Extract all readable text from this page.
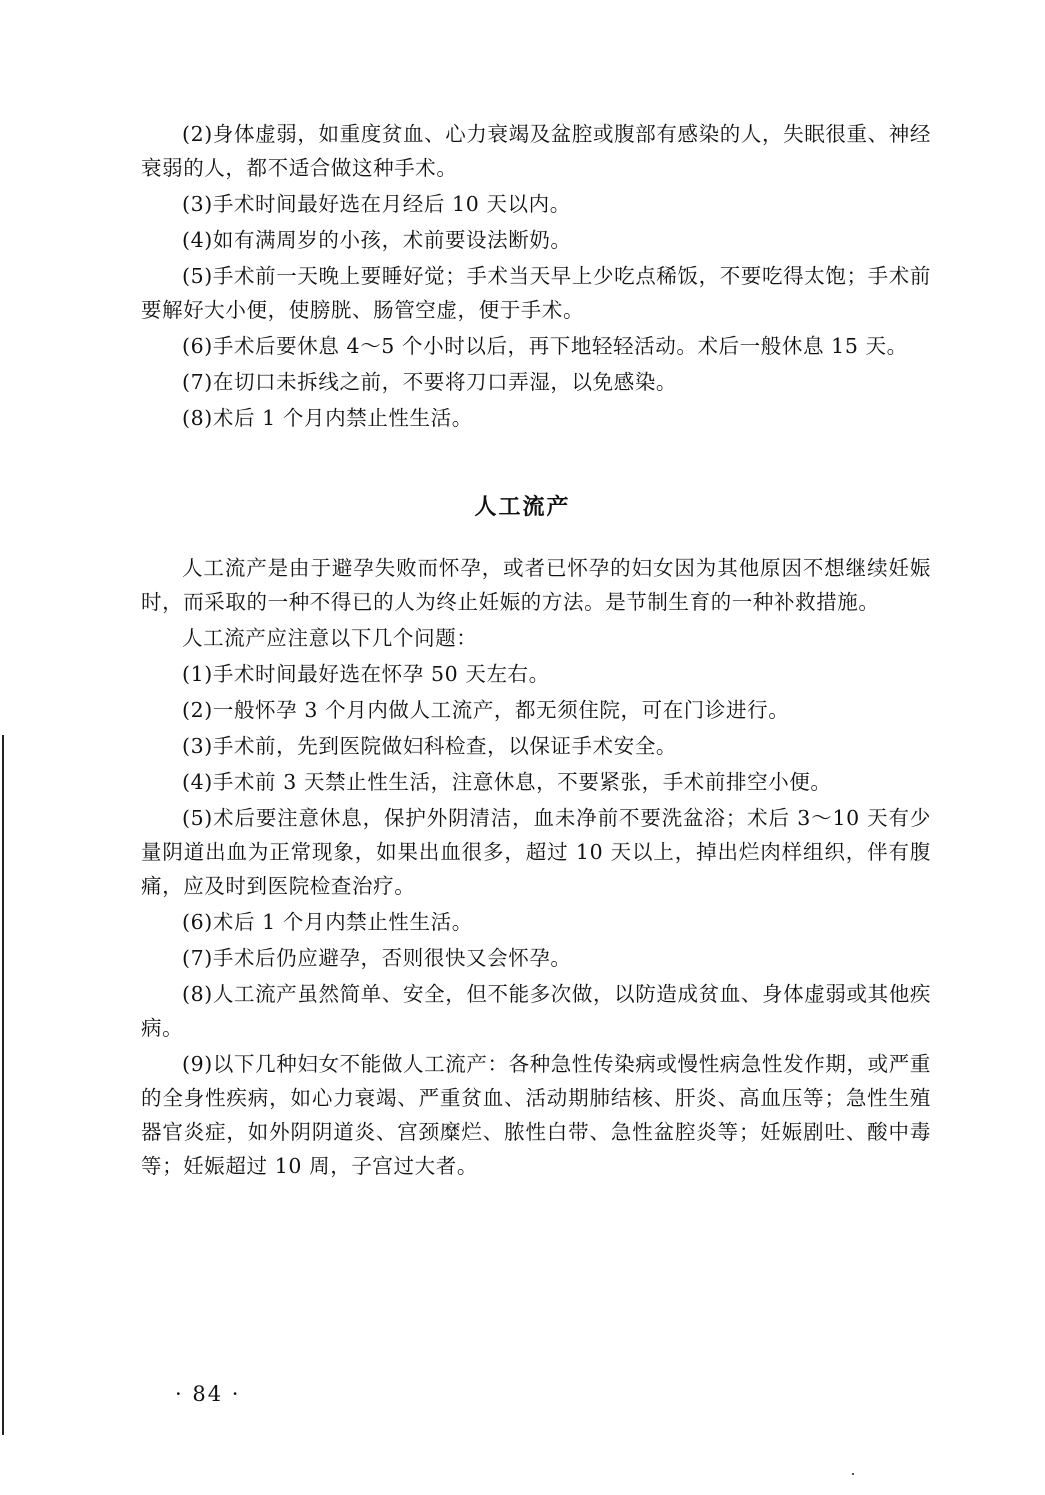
(2)身体虚弱，如重度贫血、心力衰竭及盆腔或腹部有感染的人，失眠很重、神经衰弱的人，都不适合做这种手术。

(3)手术时间最好选在月经后 10 天以内。

(4)如有满周岁的小孩，术前要设法断奶。

(5)手术前一天晚上要睡好觉；手术当天早上少吃点稀饭，不要吃得太饱；手术前要解好大小便，使膀胱、肠管空虚，便于手术。

(6)手术后要休息 4～5 个小时以后，再下地轻轻活动。术后一般休息 15 天。

(7)在切口未拆线之前，不要将刀口弄湿，以免感染。

(8)术后 1 个月内禁止性生活。

人工流产

人工流产是由于避孕失败而怀孕，或者已怀孕的妇女因为其他原因不想继续妊娠时，而采取的一种不得已的人为终止妊娠的方法。是节制生育的一种补救措施。

人工流产应注意以下几个问题：

(1)手术时间最好选在怀孕 50 天左右。

(2)一般怀孕 3 个月内做人工流产，都无须住院，可在门诊进行。

(3)手术前，先到医院做妇科检查，以保证手术安全。

(4)手术前 3 天禁止性生活，注意休息，不要紧张，手术前排空小便。

(5)术后要注意休息，保护外阴清洁，血未净前不要洗盆浴；术后 3～10 天有少量阴道出血为正常现象，如果出血很多，超过 10 天以上，掉出烂肉样组织，伴有腹痛，应及时到医院检查治疗。

(6)术后 1 个月内禁止性生活。

(7)手术后仍应避孕，否则很快又会怀孕。

(8)人工流产虽然简单、安全，但不能多次做，以防造成贫血、身体虚弱或其他疾病。

(9)以下几种妇女不能做人工流产：各种急性传染病或慢性病急性发作期，或严重的全身性疾病，如心力衰竭、严重贫血、活动期肺结核、肝炎、高血压等；急性生殖器官炎症，如外阴阴道炎、宫颈糜烂、脓性白带、急性盆腔炎等；妊娠剧吐、酸中毒等；妊娠超过 10 周，子宫过大者。

· 84 ·
